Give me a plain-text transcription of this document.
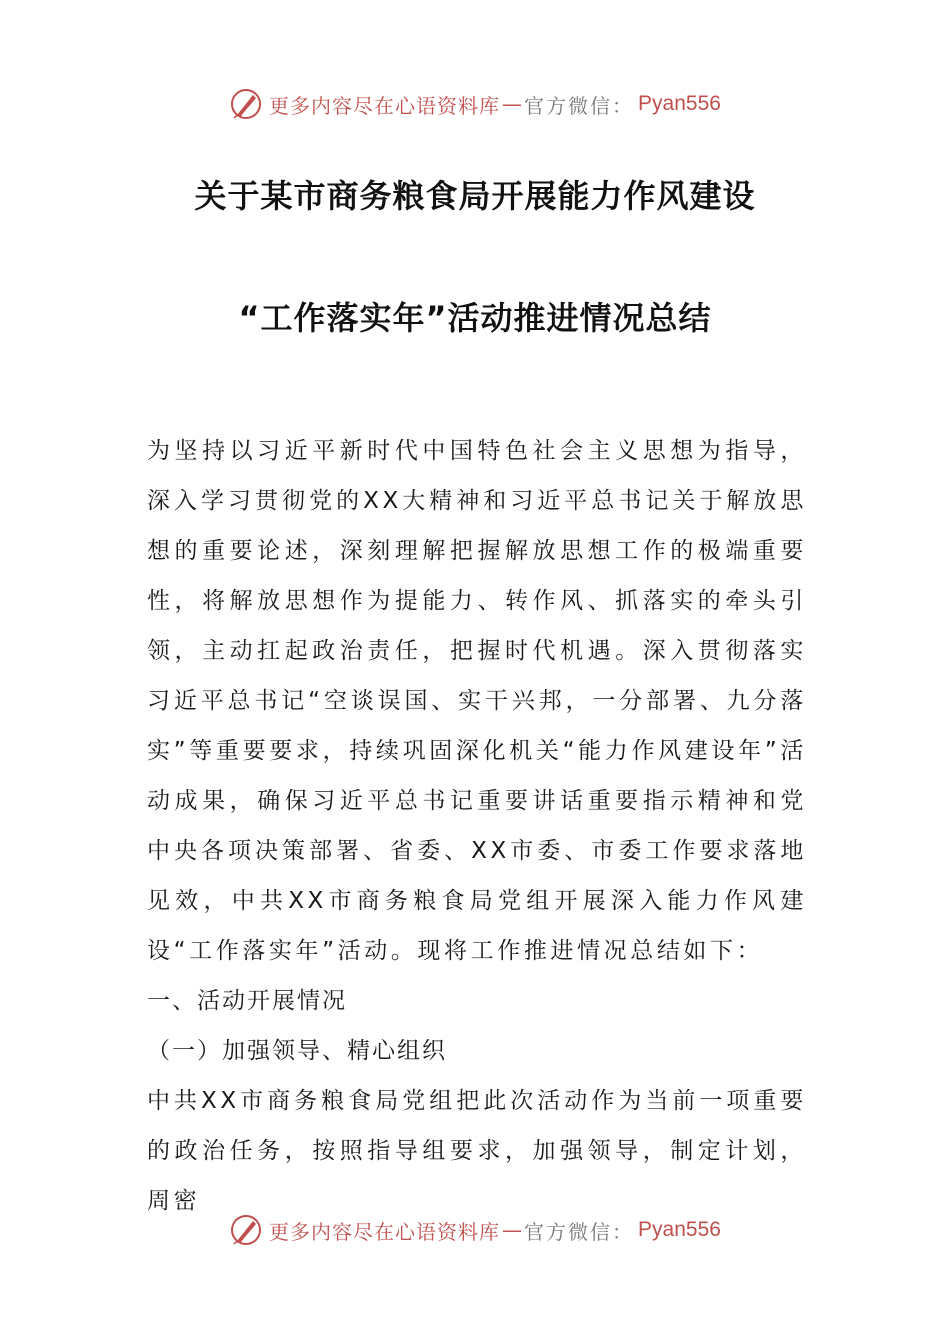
更多内容尽在心语资料库 — 官方微信： Pyan556
关于某市商务粮食局开展能力作风建设
“工作落实年”活动推进情况总结

为坚持以习近平新时代中国特色社会主义思想为指导，深入学习贯彻党的XX大精神和习近平总书记关于解放思想的重要论述，深刻理解把握解放思想工作的极端重要性，将解放思想作为提能力、转作风、抓落实的牵头引领，主动扛起政治责任，把握时代机遇。深入贯彻落实习近平总书记“空谈误国、实干兴邦，一分部署、九分落实”等重要要求，持续巩固深化机关“能力作风建设年”活动成果，确保习近平总书记重要讲话重要指示精神和党中央各项决策部署、省委、XX市委、市委工作要求落地见效，中共XX市商务粮食局党组开展深入能力作风建设“工作落实年”活动。现将工作推进情况总结如下：

一、活动开展情况

（一）加强领导、精心组织

中共XX市商务粮食局党组把此次活动作为当前一项重要的政治任务，按照指导组要求，加强领导，制定计划，周密

更多内容尽在心语资料库 — 官方微信： Pyan556
